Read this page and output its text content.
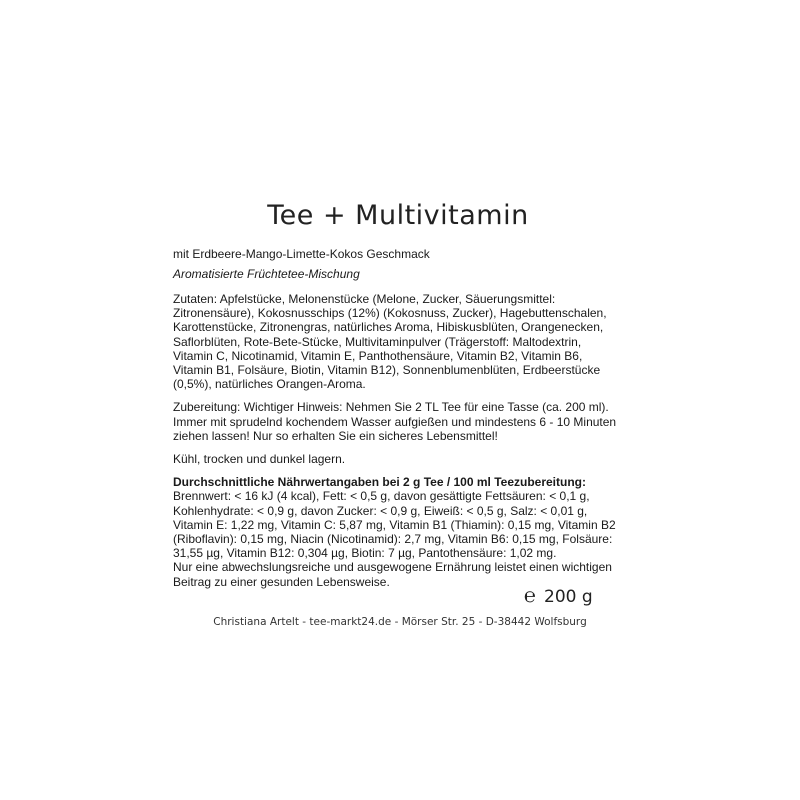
Tee + Multivitamin
mit Erdbeere-Mango-Limette-Kokos Geschmack
Aromatisierte Früchtetee-Mischung
Zutaten: Apfelstücke, Melonenstücke (Melone, Zucker, Säuerungsmittel: Zitronensäure), Kokosnusschips (12%) (Kokosnuss, Zucker), Hagebuttenschalen, Karottenstücke, Zitronengras, natürliches Aroma, Hibiskusblüten, Orangenecken, Saflorblüten, Rote-Bete-Stücke, Multivitaminpulver (Trägerstoff: Maltodextrin, Vitamin C, Nicotinamid, Vitamin E, Panthothensäure, Vitamin B2, Vitamin B6, Vitamin B1, Folsäure, Biotin, Vitamin B12), Sonnenblumenblüten, Erdbeerstücke (0,5%), natürliches Orangen-Aroma.
Zubereitung: Wichtiger Hinweis: Nehmen Sie 2 TL Tee für eine Tasse (ca. 200 ml). Immer mit sprudelnd kochendem Wasser aufgießen und mindestens 6 - 10 Minuten ziehen lassen! Nur so erhalten Sie ein sicheres Lebensmittel!
Kühl, trocken und dunkel lagern.
Durchschnittliche Nährwertangaben bei 2 g Tee / 100 ml Teezubereitung:
Brennwert: < 16 kJ (4 kcal), Fett: < 0,5 g, davon gesättigte Fettsäuren: < 0,1 g, Kohlenhydrate: < 0,9 g, davon Zucker: < 0,9 g, Eiweiß: < 0,5 g, Salz: < 0,01 g, Vitamin E: 1,22 mg, Vitamin C: 5,87 mg, Vitamin B1 (Thiamin): 0,15 mg, Vitamin B2 (Riboflavin): 0,15 mg, Niacin (Nicotinamid): 2,7 mg, Vitamin B6: 0,15 mg, Folsäure: 31,55 µg, Vitamin B12: 0,304 µg, Biotin: 7 µg, Pantothensäure: 1,02 mg.
Nur eine abwechslungsreiche und ausgewogene Ernährung leistet einen wichtigen Beitrag zu einer gesunden Lebensweise.
℮ 200 g
Christiana Artelt - tee-markt24.de - Mörser Str. 25 - D-38442 Wolfsburg
